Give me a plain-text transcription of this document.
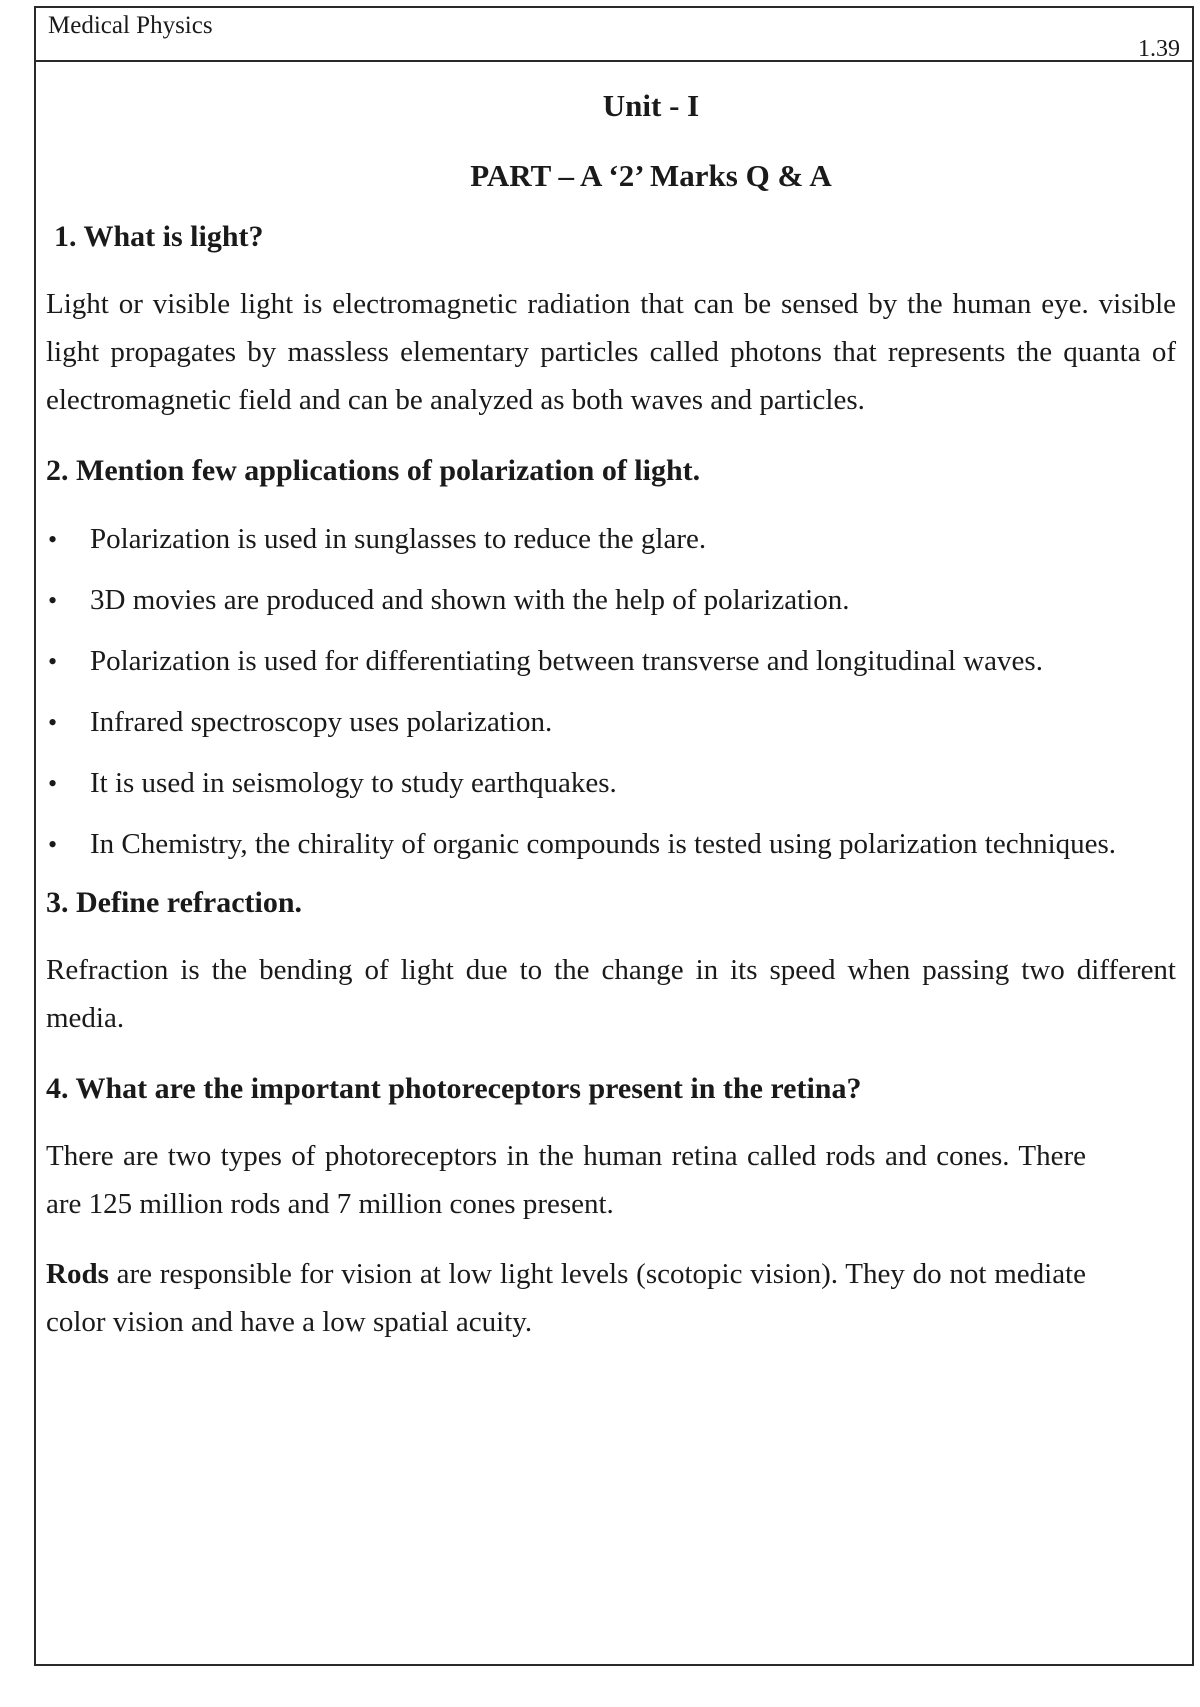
Medical Physics
1.39
Unit - I
PART – A ‘2’ Marks Q & A

1. What is light?

Light or visible light is electromagnetic radiation that can be sensed by the human eye. visible light propagates by massless elementary particles called photons that represents the quanta of electromagnetic field and can be analyzed as both waves and particles.

2. Mention few applications of polarization of light.

• Polarization is used in sunglasses to reduce the glare.
• 3D movies are produced and shown with the help of polarization.
• Polarization is used for differentiating between transverse and longitudinal waves.
• Infrared spectroscopy uses polarization.
• It is used in seismology to study earthquakes.
• In Chemistry, the chirality of organic compounds is tested using polarization techniques.

3. Define refraction.

Refraction is the bending of light due to the change in its speed when passing two different media.

4. What are the important photoreceptors present in the retina?

There are two types of photoreceptors in the human retina called rods and cones. There are 125 million rods and 7 million cones present.

Rods are responsible for vision at low light levels (scotopic vision). They do not mediate color vision and have a low spatial acuity.
